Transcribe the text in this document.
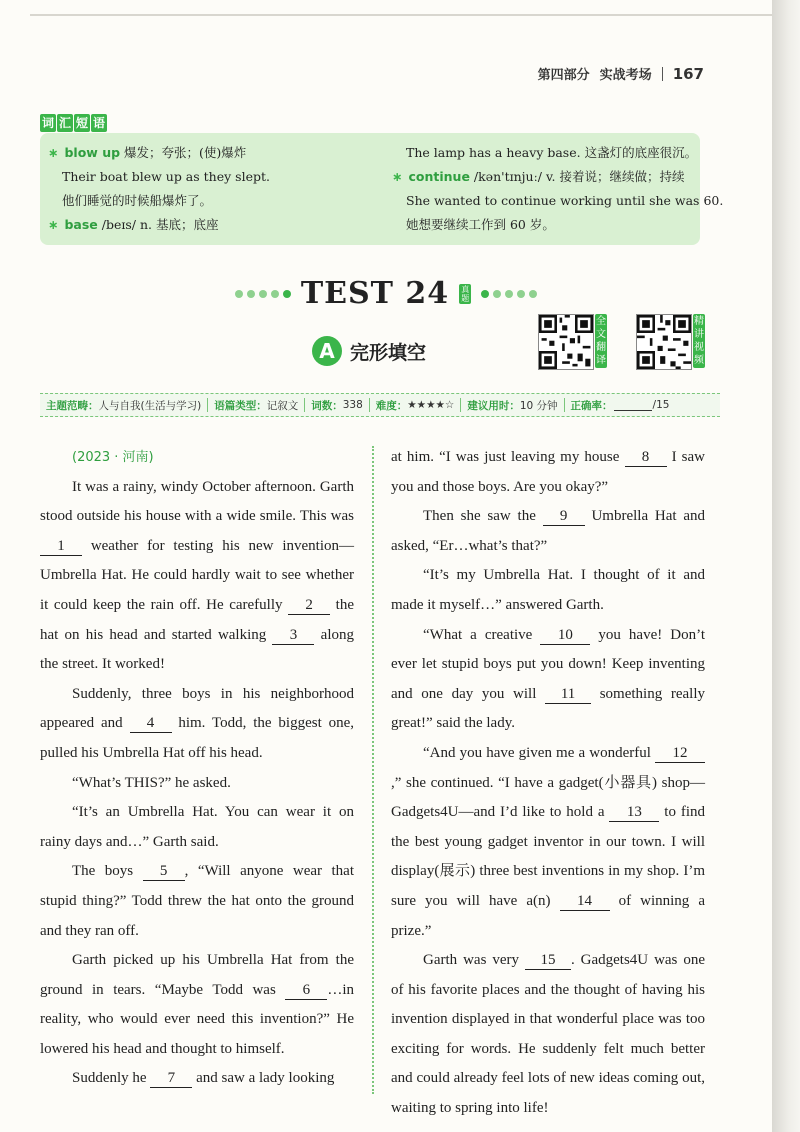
第四部分 实战考场 167
词 汇 短 语
∗ blow up 爆发；夸张；(使)爆炸
Their boat blew up as they slept.
他们睡觉的时候船爆炸了。
∗ base /beɪs/ n. 基底；底座
The lamp has a heavy base. 这盏灯的底座很沉。
∗ continue /kən'tɪnjuː/ v. 接着说；继续做；持续
She wanted to continue working until she was 60.
她想要继续工作到 60 岁。
TEST 24 真题
A 完形填空
全
文
翻
译
精
讲
视
频
主题范畴： 人与自我(生活与学习) 语篇类型： 记叙文 词数： 338 难度： ★★★★☆ 建议用时： 10 分钟 正确率：	/15

(2023 · 河南)

It was a rainy, windy October afternoon. Garth stood outside his house with a wide smile. This was 1 weather for testing his new invention—Umbrella Hat. He could hardly wait to see whether it could keep the rain off. He carefully 2 the hat on his head and started walking 3 along the street. It worked!

Suddenly, three boys in his neighborhood appeared and 4 him. Todd, the biggest one, pulled his Umbrella Hat off his head.

“What’s THIS?” he asked.

“It’s an Umbrella Hat. You can wear it on rainy days and…” Garth said.

The boys 5 , “Will anyone wear that stupid thing?” Todd threw the hat onto the ground and they ran off.

Garth picked up his Umbrella Hat from the ground in tears. “Maybe Todd was 6 …in reality, who would ever need this invention?” He lowered his head and thought to himself.

Suddenly he 7 and saw a lady looking

at him. “I was just leaving my house 8 I saw you and those boys. Are you okay?”

Then she saw the 9 Umbrella Hat and asked, “Er…what’s that?”

“It’s my Umbrella Hat. I thought of it and made it myself…” answered Garth.

“What a creative 10 you have! Don’t ever let stupid boys put you down! Keep inventing and one day you will 11 something really great!” said the lady.

“And you have given me a wonderful 12,” she continued. “I have a gadget(小器具) shop—Gadgets4U—and I’d like to hold a 13 to find the best young gadget inventor in our town. I will display(展示) three best inventions in my shop. I’m sure you will have a(n) 14 of winning a prize.”

Garth was very 15 . Gadgets4U was one of his favorite places and the thought of having his invention displayed in that wonderful place was too exciting for words. He suddenly felt much better and could already feel lots of new ideas coming out, waiting to spring into life!
